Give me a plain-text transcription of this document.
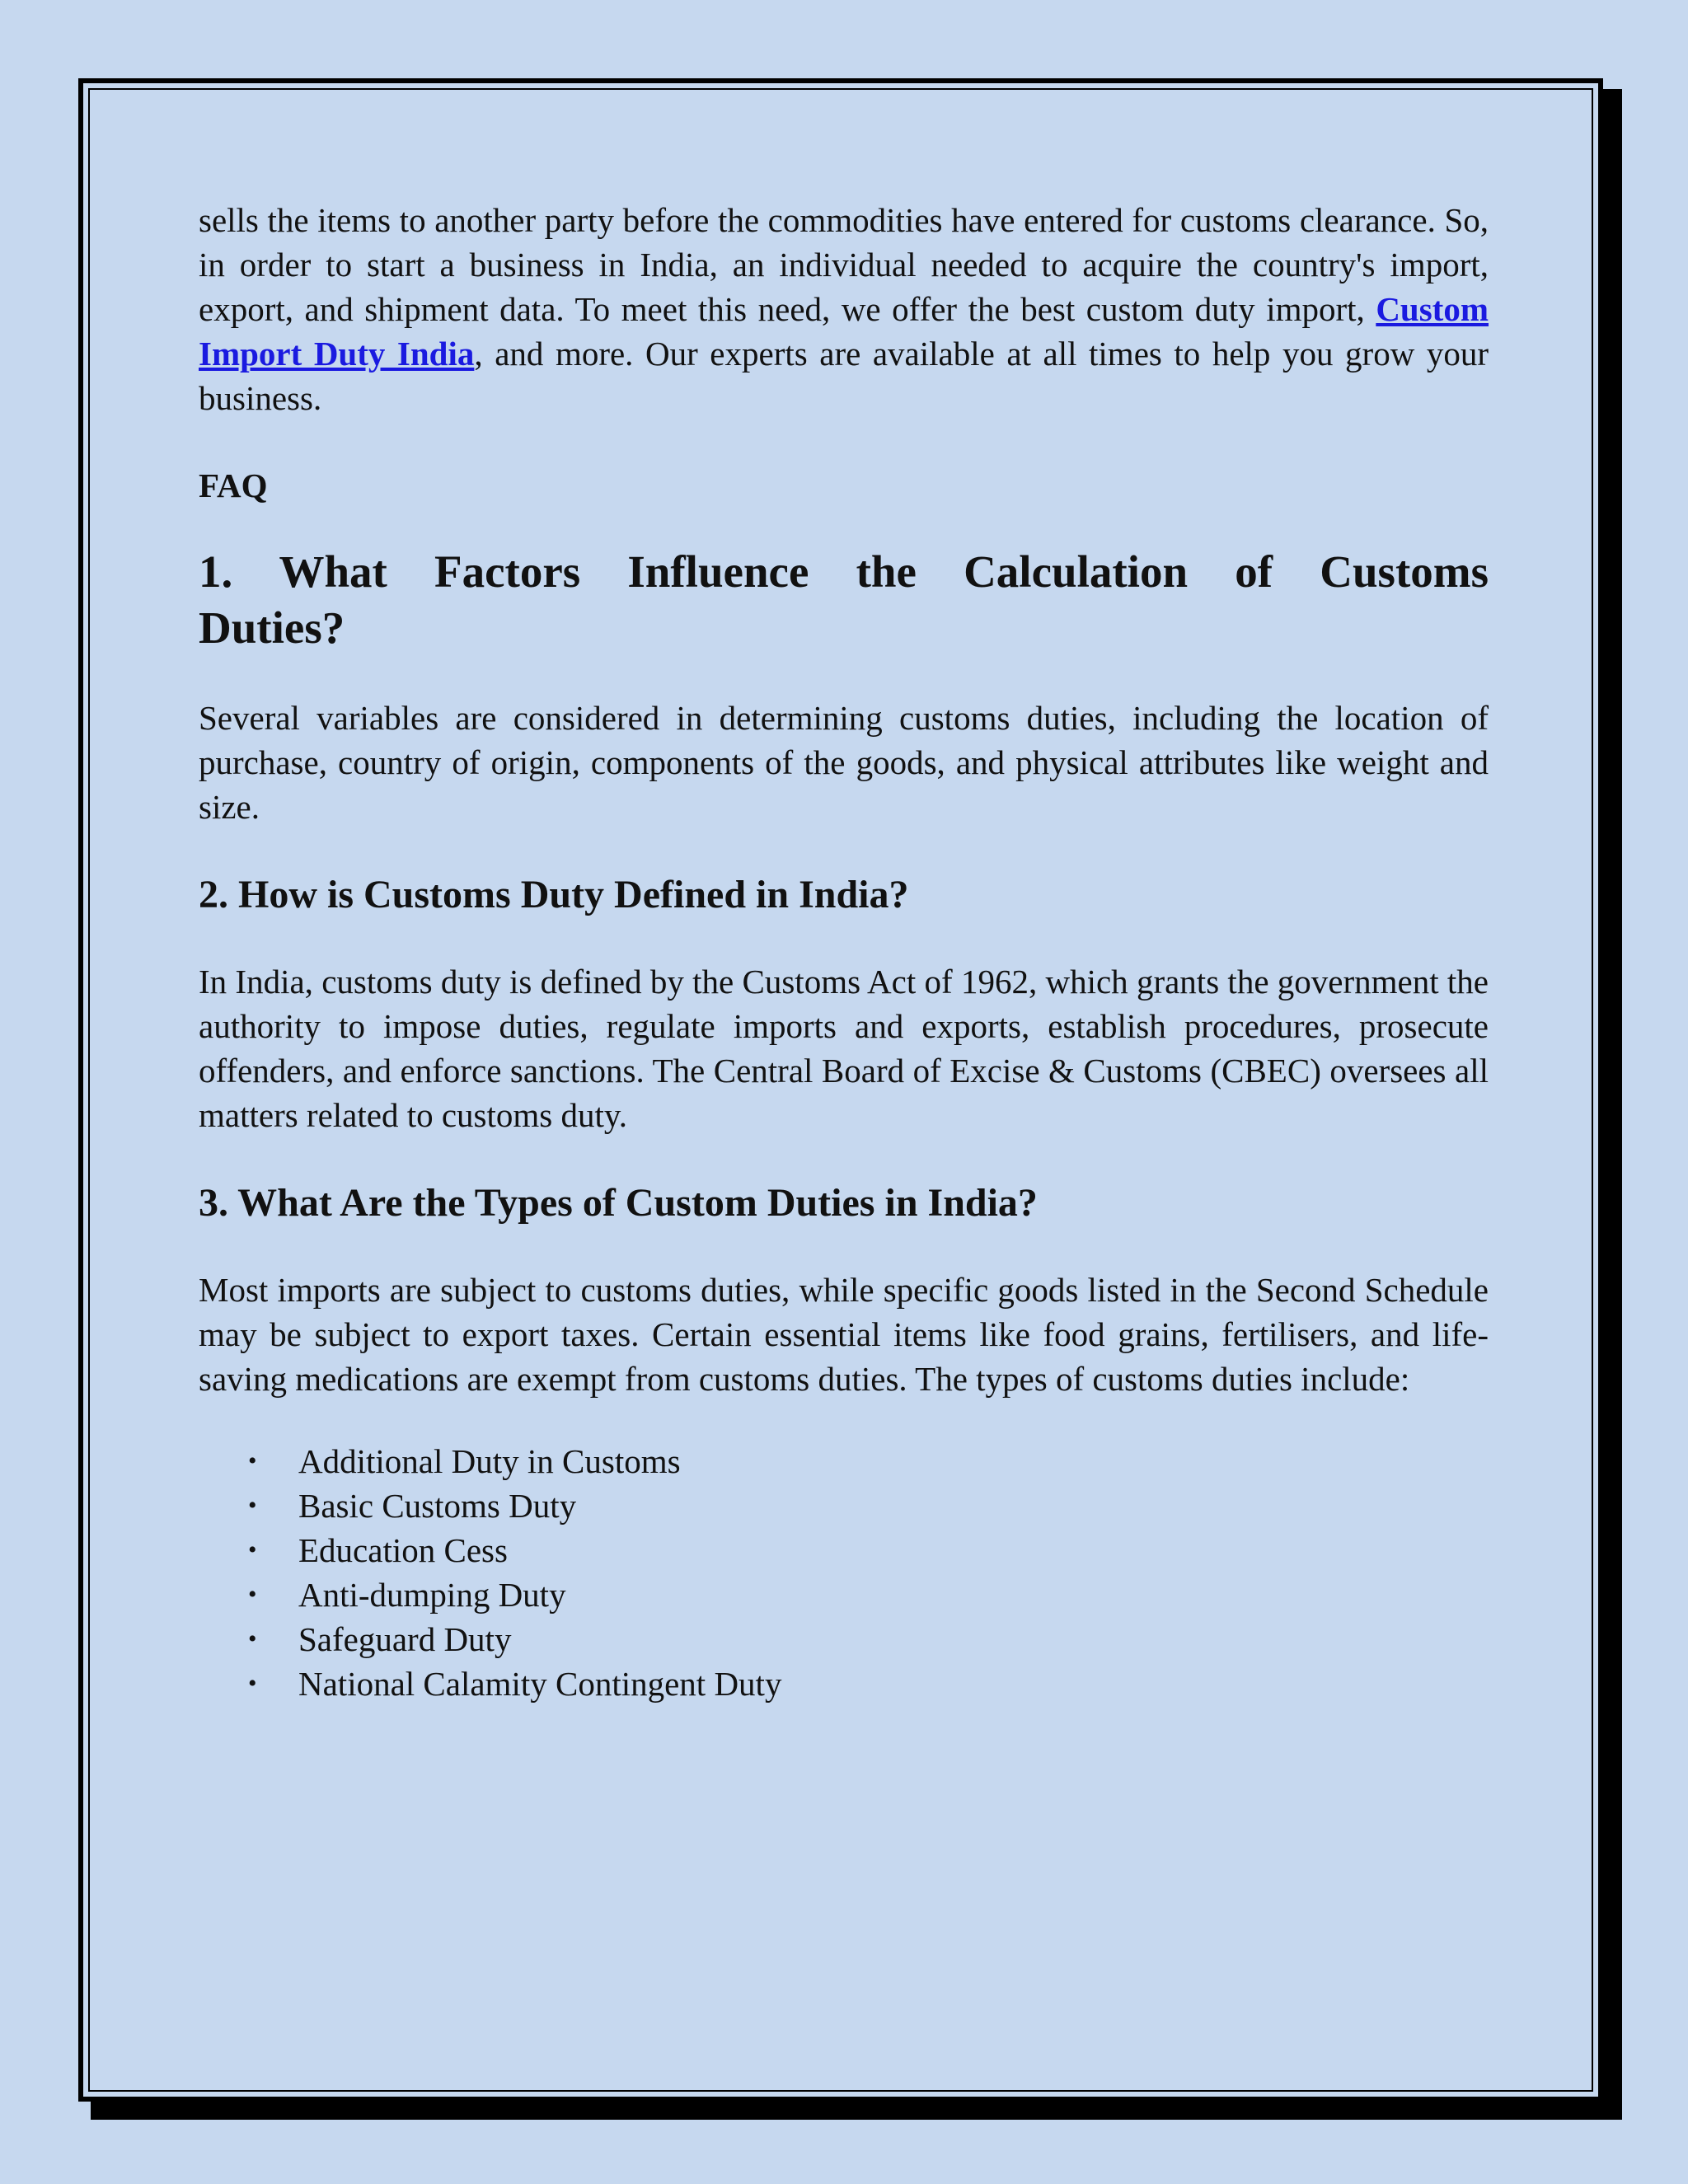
sells the items to another party before the commodities have entered for customs clearance. So, in order to start a business in India, an individual needed to acquire the country's import, export, and shipment data. To meet this need, we offer the best custom duty import, Custom Import Duty India, and more. Our experts are available at all times to help you grow your business.

FAQ
1. What Factors Influence the Calculation of Customs
Duties?

Several variables are considered in determining customs duties, including the location of purchase, country of origin, components of the goods, and physical attributes like weight and size.

2. How is Customs Duty Defined in India?

In India, customs duty is defined by the Customs Act of 1962, which grants the government the authority to impose duties, regulate imports and exports, establish procedures, prosecute offenders, and enforce sanctions. The Central Board of Excise & Customs (CBEC) oversees all matters related to customs duty.

3. What Are the Types of Custom Duties in India?

Most imports are subject to customs duties, while specific goods listed in the Second Schedule may be subject to export taxes. Certain essential items like food grains, fertilisers, and life-saving medications are exempt from customs duties. The types of customs duties include:

• Additional Duty in Customs
• Basic Customs Duty
• Education Cess
• Anti-dumping Duty
• Safeguard Duty
• National Calamity Contingent Duty
